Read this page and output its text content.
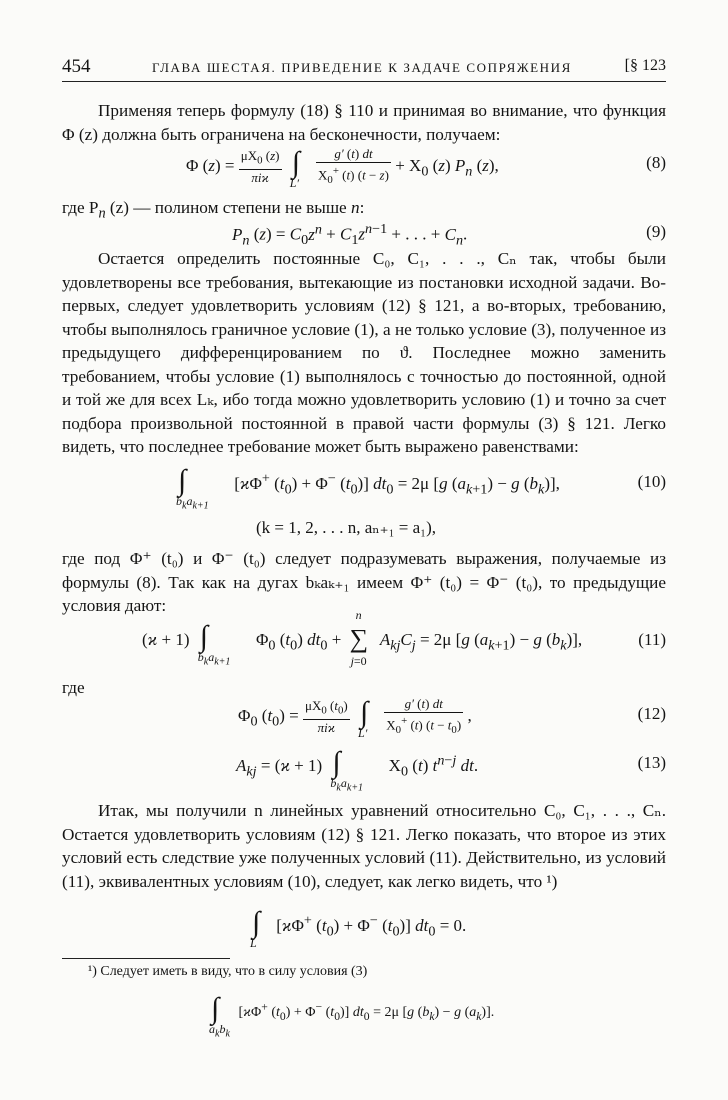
454	ГЛАВА ШЕСТАЯ. ПРИВЕДЕНИЕ К ЗАДАЧЕ СОПРЯЖЕНИЯ	[§ 123

Применяя теперь формулу (18) § 110 и принимая во внимание, что функция Φ (z) должна быть ограничена на бесконечности, получаем:

Φ (z) =
$\mu X_0$ (z)
πiϰ
∫
L′
$\frac{g' (t) dt}{X_0^+ (t) (t - z)} + X_0$ (z) $P_n$ (z),	(8)

где $P_n$ (z) — полином степени не выше n:

$P_n$ $(z) = C_0z^n + C_1z^{n-1}$ + . . . + $C_n$.	(9)

Остается определить постоянные C₀, C₁, . . ., Cₙ так, чтобы были удовлетворены все требования, вытекающие из постановки исходной задачи. Во-первых, следует удовлетворить условиям (12) § 121, а во-вторых, требованию, чтобы выполнялось граничное условие (1), а не только условие (3), полученное из предыдущего дифференцированием по ϑ. Последнее можно заменить требованием, чтобы условие (1) выполнялось с точностью до постоянной, одной и той же для всех Lₖ, ибо тогда можно удовлетворить условию (1) и точно за счет подбора произвольной постоянной в правой части формулы (3) § 121. Легко видеть, что последнее требование может быть выражено равенствами:

∫
$b_ka_{k+1}$
[ϰΦ+ $(t_0) + \Phi^-$ $(t_0)$] $dt_0 = 2\mu$ [g $(a_{k+1}) - g$ $(b_k)$],	(10)
(k = 1, 2, . . . n, aₙ₊₁ = a₁),

где под Φ⁺ (t₀) и Φ⁻ (t₀) следует подразумевать выражения, получаемые из формулы (8). Так как на дугах bₖaₖ₊₁ имеем Φ⁺ (t₀) = Φ⁻ (t₀), то предыдущие условия дают:

(ϰ + 1) ∫
$b_ka_{k+1}$
$\Phi_0$ $(t_0) dt_0$ +
n
∑
j=0
$A_{kj}C_j = 2\mu$ [g $(a_{k+1}) - g$ $(b_k)$],	(11)

где

$\Phi_0$ $(t_0)$ =
$\mu X_0$ $(t_0)$
πiϰ
∫
L′
$\frac{g' (t) dt}{X_0^+ (t) (t - t_0)}$ ,	(12)
$A_{kj} = (ϰ + 1)$ ∫
$b_ka_{k+1}$
$X_0$ (t) $t^{n-j}$ dt.	(13)

Итак, мы получили n линейных уравнений относительно C₀, C₁, . . ., Cₙ. Остается удовлетворить условиям (12) § 121. Легко показать, что второе из этих условий есть следствие уже полученных условий (11). Действительно, из условий (11), эквивалентных условиям (10), следует, как легко видеть, что ¹)

∫
L
[ϰΦ+ $(t_0) + \Phi^-$ $(t_0)$] $dt_0 = 0$.
¹) Следует иметь в виду, что в силу условия (3)
∫
$a_kb_k$
[ϰΦ+ $(t_0) + \Phi^-$ $(t_0)$] $dt_0 = 2\mu$ [g $(b_k) - g$ $(a_k)$].
